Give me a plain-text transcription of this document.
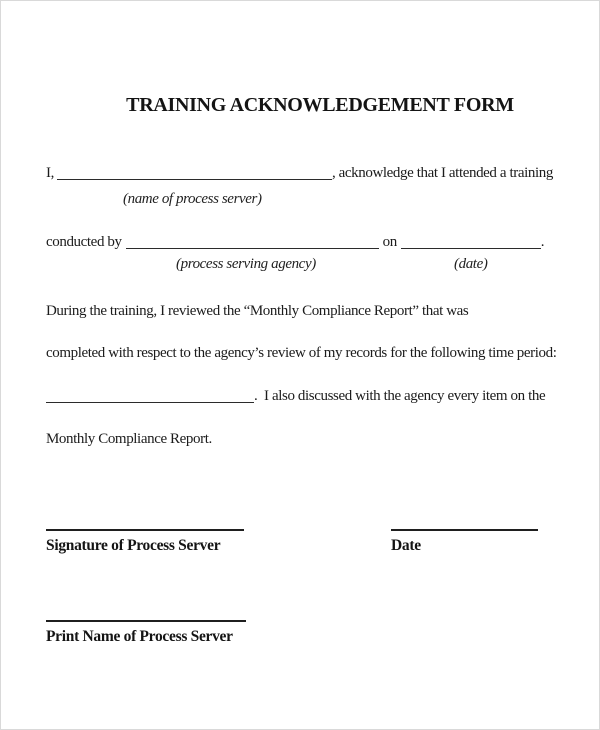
TRAINING ACKNOWLEDGEMENT FORM
I,	, acknowledge that I attended a training
(name of process server)
conducted by	on	.
(process serving agency)	(date)
During the training, I reviewed the “Monthly Compliance Report” that was
completed with respect to the agency’s review of my records for the following time period:
.  I also discussed with the agency every item on the
Monthly Compliance Report.
Signature of Process Server	Date
Print Name of Process Server
